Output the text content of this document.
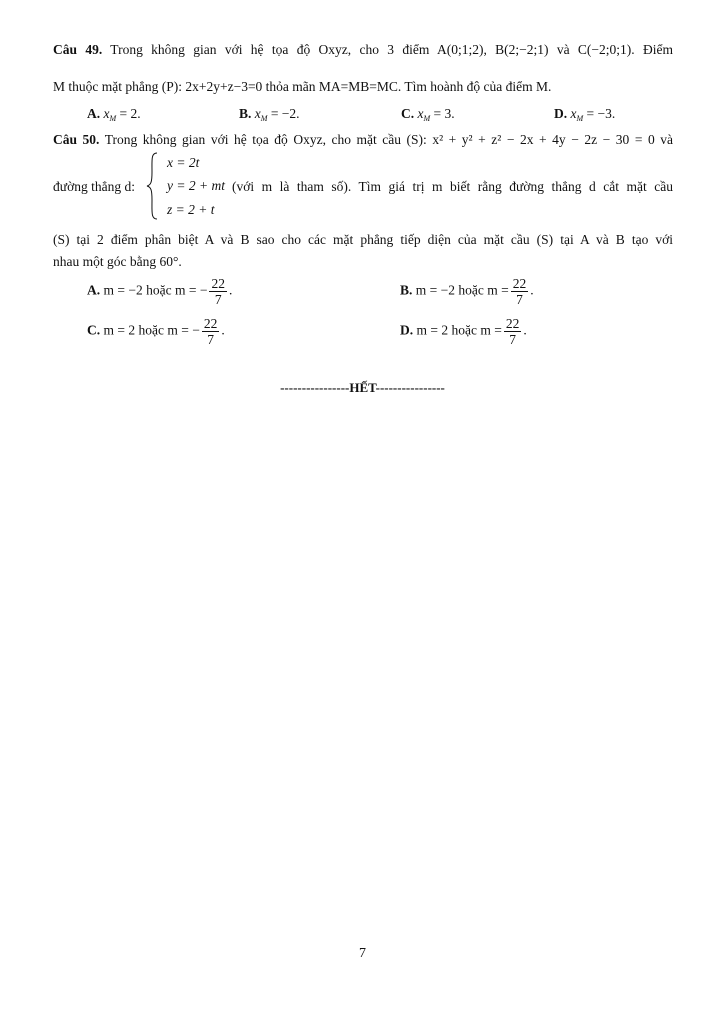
Câu 49. Trong không gian với hệ tọa độ Oxyz, cho 3 điểm A(0;1;2), B(2;−2;1) và C(−2;0;1). Điểm
M thuộc mặt phẳng (P): 2x+2y+z−3=0 thỏa mãn MA=MB=MC. Tìm hoành độ của điểm M.
A. $x_M = 2$.	B. $x_M = -2$.	C. $x_M = 3$.	D. $x_M = -3$.
Câu 50. Trong không gian với hệ tọa độ Oxyz, cho mặt cầu (S): x² + y² + z² − 2x + 4y − 2z − 30 = 0 và
x = 2t
y = 2 + mt
z = 2 + t
đường thẳng d:	(với m là tham số). Tìm giá trị m biết rằng đường thẳng d cắt mặt cầu
(S) tại 2 điểm phân biệt A và B sao cho các mặt phẳng tiếp diện của mặt cầu (S) tại A và B tạo với
nhau một góc bằng 60°.
A. m = −2 hoặc m = − $\frac{22}{7}$ .	B. m = −2 hoặc $m = \frac{22}{7}$ .
C. m = 2 hoặc m = − $\frac{22}{7}$ .	D. m = 2 hoặc $m = \frac{22}{7}$ .
----------------HẾT----------------
7
